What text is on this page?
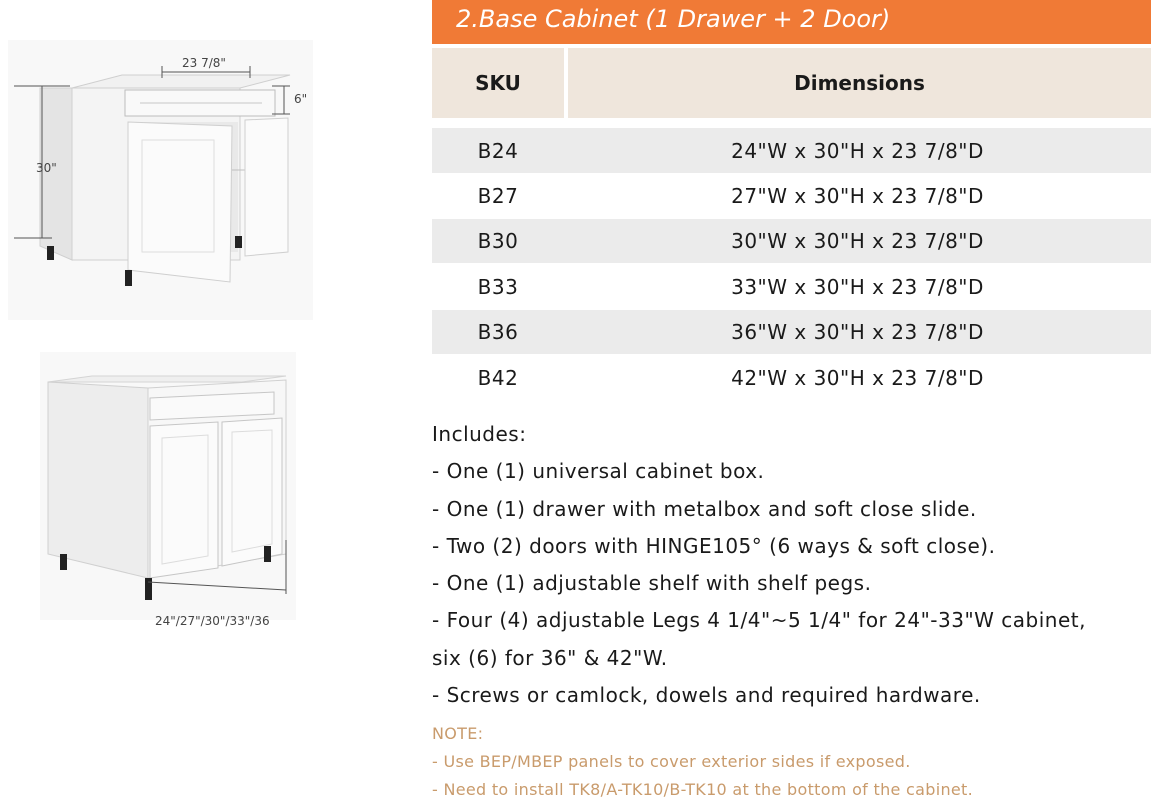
23 7/8"
6"
30"
24"/27"/30"/33"/36
2.Base Cabinet (1 Drawer + 2 Door)
SKU	Dimensions
B24	24"W x 30"H x 23 7/8"D
B27	27"W x 30"H x 23 7/8"D
B30	30"W x 30"H x 23 7/8"D
B33	33"W x 30"H x 23 7/8"D
B36	36"W x 30"H x 23 7/8"D
B42	42"W x 30"H x 23 7/8"D
Includes:
- One (1) universal cabinet box.
- One (1) drawer with metalbox and soft close slide.
- Two (2) doors with HINGE105° (6 ways & soft close).
- One (1) adjustable shelf with shelf pegs.
- Four (4) adjustable Legs 4 1/4"~5 1/4" for 24"-33"W cabinet,
six (6) for 36" & 42"W.
- Screws or camlock, dowels and required hardware.
NOTE:
- Use BEP/MBEP panels to cover exterior sides if exposed.
- Need to install TK8/A-TK10/B-TK10 at the bottom of the cabinet.
